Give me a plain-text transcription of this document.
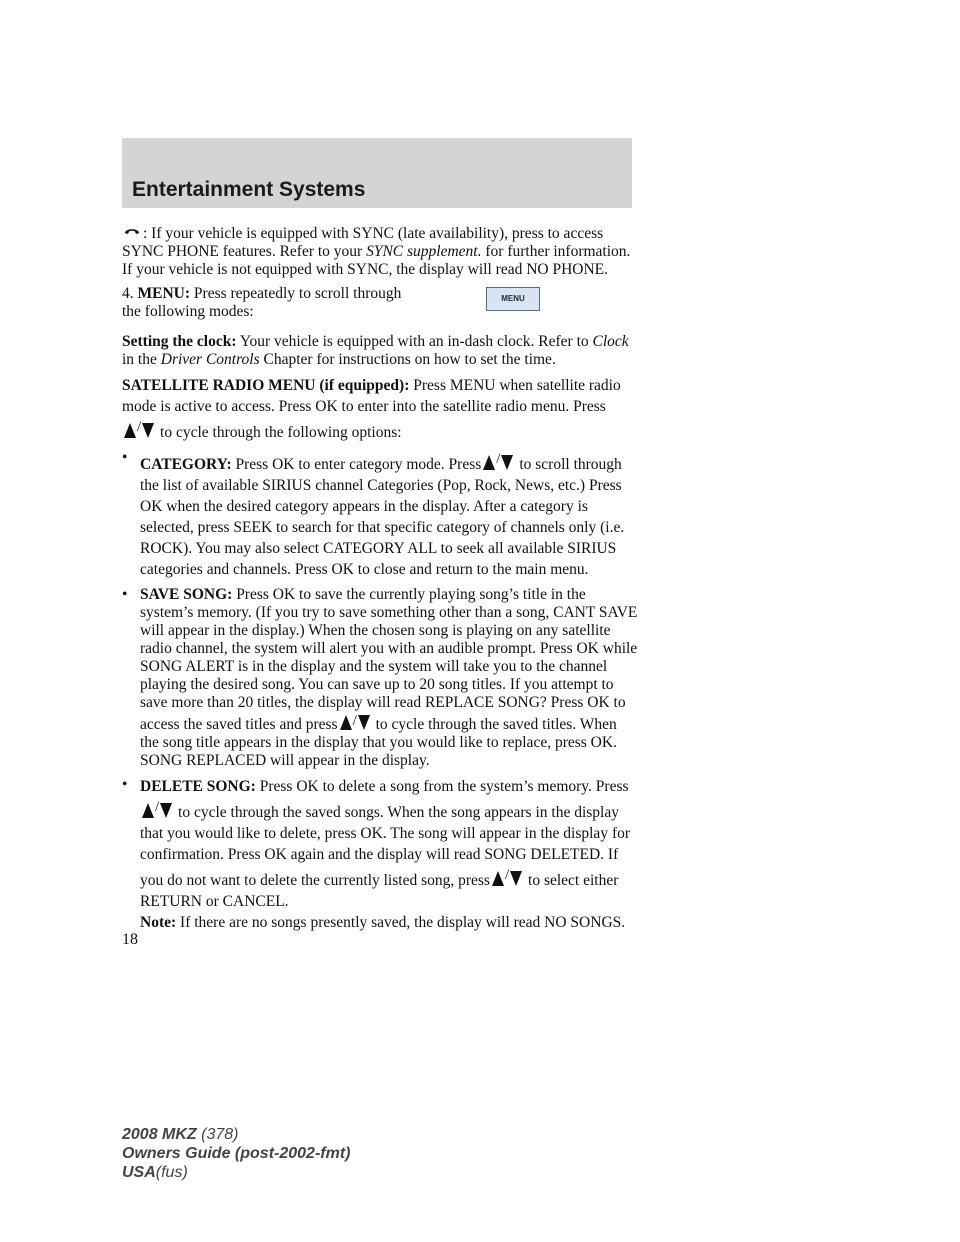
Entertainment Systems

: If your vehicle is equipped with SYNC (late availability), press to access SYNC PHONE features. Refer to your SYNC supplement. for further information. If your vehicle is not equipped with SYNC, the display will read NO PHONE.

4. MENU: Press repeatedly to scroll through the following modes:

MENU

Setting the clock: Your vehicle is equipped with an in-dash clock. Refer to Clock in the Driver Controls Chapter for instructions on how to set the time.

SATELLITE RADIO MENU (if equipped): Press MENU when satellite radio mode is active to access. Press OK to enter into the satellite radio menu. Press
/ to cycle through the following options:

• CATEGORY: Press OK to enter category mode. Press / to scroll through the list of available SIRIUS channel Categories (Pop, Rock, News, etc.) Press OK when the desired category appears in the display. After a category is selected, press SEEK to search for that specific category of channels only (i.e. ROCK). You may also select CATEGORY ALL to seek all available SIRIUS categories and channels. Press OK to close and return to the main menu.
• SAVE SONG: Press OK to save the currently playing song’s title in the system’s memory. (If you try to save something other than a song, CANT SAVE will appear in the display.) When the chosen song is playing on any satellite radio channel, the system will alert you with an audible prompt. Press OK while SONG ALERT is in the display and the system will take you to the channel playing the desired song. You can save up to 20 song titles. If you attempt to save more than 20 titles, the display will read REPLACE SONG? Press OK to access the saved titles and press / to cycle through the saved titles. When the song title appears in the display that you would like to replace, press OK. SONG REPLACED will appear in the display.
• DELETE SONG: Press OK to delete a song from the system’s memory. Press
/ to cycle through the saved songs. When the song appears in the display that you would like to delete, press OK. The song will appear in the display for confirmation. Press OK again and the display will read SONG DELETED. If you do not want to delete the currently listed song, press / to select either RETURN or CANCEL.
Note: If there are no songs presently saved, the display will read NO SONGS.
18
2008 MKZ (378)
Owners Guide (post-2002-fmt)
USA(fus)
